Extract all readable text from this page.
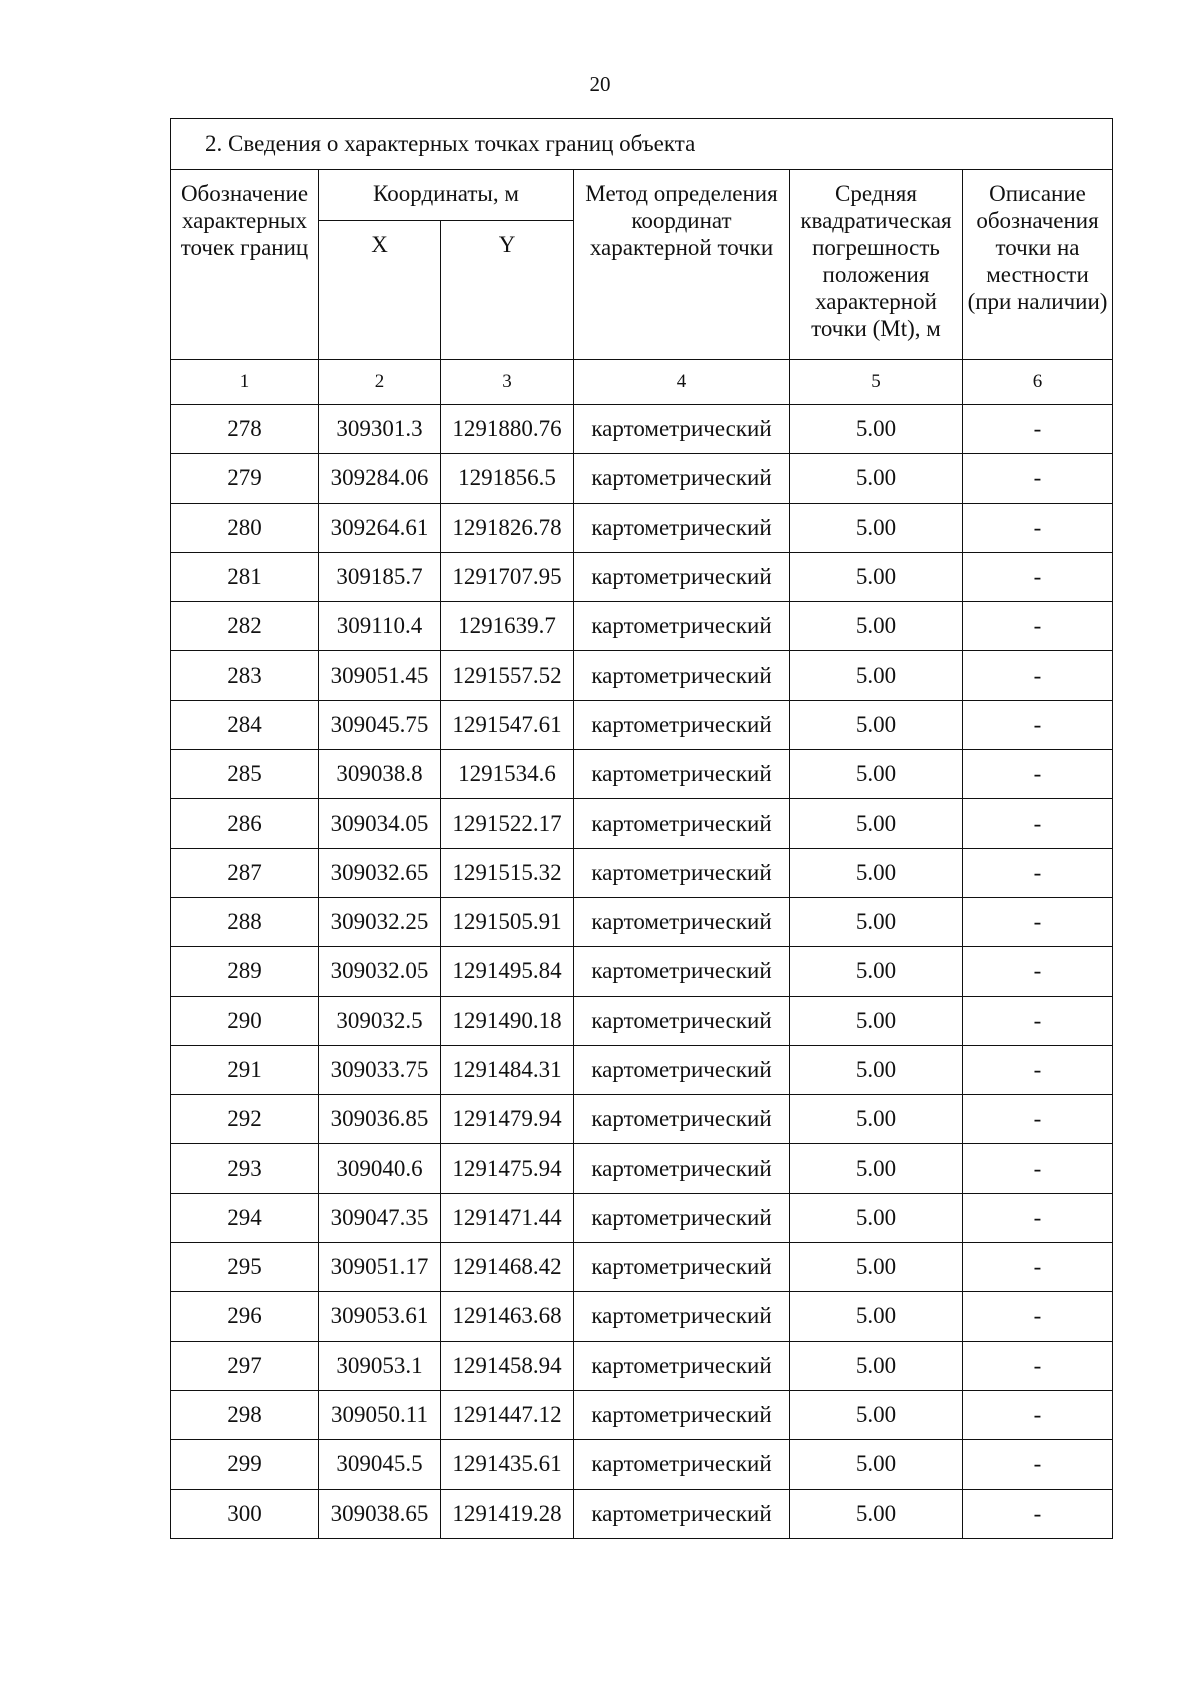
20
2. Сведения о характерных точках границ объекта					
Обозначение характерных точек границ	Координаты, м		Метод определения координат характерной точки	Средняя квадратическая погрешность положения характерной точки (Mt), м	Описание обозначения точки на местности (при наличии)
	X	Y			
1	2	3	4	5	6
278	309301.3	1291880.76	картометрический	5.00	-
279	309284.06	1291856.5	картометрический	5.00	-
280	309264.61	1291826.78	картометрический	5.00	-
281	309185.7	1291707.95	картометрический	5.00	-
282	309110.4	1291639.7	картометрический	5.00	-
283	309051.45	1291557.52	картометрический	5.00	-
284	309045.75	1291547.61	картометрический	5.00	-
285	309038.8	1291534.6	картометрический	5.00	-
286	309034.05	1291522.17	картометрический	5.00	-
287	309032.65	1291515.32	картометрический	5.00	-
288	309032.25	1291505.91	картометрический	5.00	-
289	309032.05	1291495.84	картометрический	5.00	-
290	309032.5	1291490.18	картометрический	5.00	-
291	309033.75	1291484.31	картометрический	5.00	-
292	309036.85	1291479.94	картометрический	5.00	-
293	309040.6	1291475.94	картометрический	5.00	-
294	309047.35	1291471.44	картометрический	5.00	-
295	309051.17	1291468.42	картометрический	5.00	-
296	309053.61	1291463.68	картометрический	5.00	-
297	309053.1	1291458.94	картометрический	5.00	-
298	309050.11	1291447.12	картометрический	5.00	-
299	309045.5	1291435.61	картометрический	5.00	-
300	309038.65	1291419.28	картометрический	5.00	-
